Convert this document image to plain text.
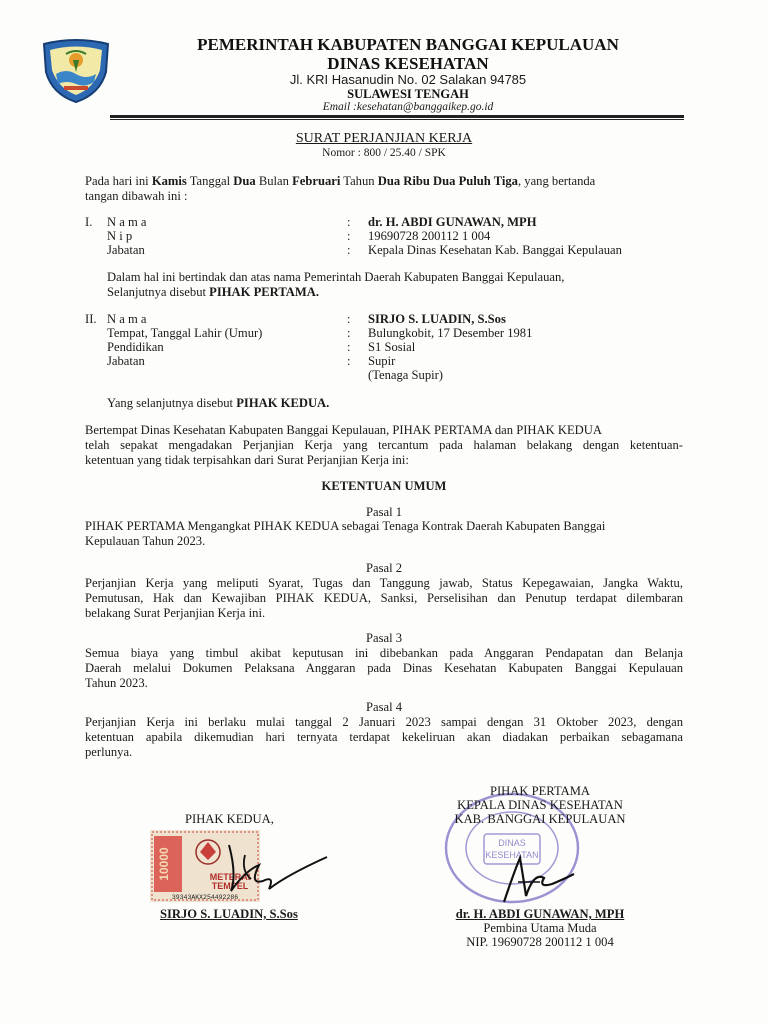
PEMERINTAH KABUPATEN BANGGAI KEPULAUAN
DINAS KESEHATAN
Jl. KRI Hasanudin No. 02 Salakan 94785
SULAWESI TENGAH
Email :kesehatan@banggaikep.go.id
SURAT PERJANJIAN KERJA
Nomor : 800 / 25.40 / SPK
Pada hari ini Kamis Tanggal Dua Bulan Februari Tahun Dua Ribu Dua Puluh Tiga, yang bertanda
tangan dibawah ini :
I. N a m a	: dr. H. ABDI GUNAWAN, MPH
N i p	: 19690728 200112 1 004
Jabatan	: Kepala Dinas Kesehatan Kab. Banggai Kepulauan
Dalam hal ini bertindak dan atas nama Pemerintah Daerah Kabupaten Banggai Kepulauan,
Selanjutnya disebut PIHAK PERTAMA.
II. N a m a	: SIRJO S. LUADIN, S.Sos
Tempat, Tanggal Lahir (Umur)	: Bulungkobit, 17 Desember 1981
Pendidikan	: S1 Sosial
Jabatan	: Supir
(Tenaga Supir)
Yang selanjutnya disebut PIHAK KEDUA.
Bertempat Dinas Kesehatan Kabupaten Banggai Kepulauan, PIHAK PERTAMA dan PIHAK KEDUA
telah sepakat mengadakan Perjanjian Kerja yang tercantum pada halaman belakang dengan ketentuan-
ketentuan yang tidak terpisahkan dari Surat Perjanjian Kerja ini:
KETENTUAN UMUM
Pasal 1
PIHAK PERTAMA Mengangkat PIHAK KEDUA sebagai Tenaga Kontrak Daerah Kabupaten Banggai
Kepulauan Tahun 2023.
Pasal 2
Perjanjian Kerja yang meliputi Syarat, Tugas dan Tanggung jawab, Status Kepegawaian, Jangka Waktu,
Pemutusan, Hak dan Kewajiban PIHAK KEDUA, Sanksi, Perselisihan dan Penutup terdapat dilembaran
belakang Surat Perjanjian Kerja ini.
Pasal 3
Semua biaya yang timbul akibat keputusan ini dibebankan pada Anggaran Pendapatan dan Belanja
Daerah melalui Dokumen Pelaksana Anggaran pada Dinas Kesehatan Kabupaten Banggai Kepulauan
Tahun 2023.
Pasal 4
Perjanjian Kerja ini berlaku mulai tanggal 2 Januari 2023 sampai dengan 31 Oktober 2023, dengan
ketentuan apabila dikemudian hari ternyata terdapat kekeliruan akan diadakan perbaikan sebagamana
perlunya.
PIHAK KEDUA,
10000	METERAI
TEMPEL
39343AKX254492286
SIRJO S. LUADIN, S.Sos
DINAS
KESEHATAN
PIHAK PERTAMA
KEPALA DINAS KESEHATAN
KAB. BANGGAI KEPULAUAN
dr. H. ABDI GUNAWAN, MPH
Pembina Utama Muda
NIP. 19690728 200112 1 004
